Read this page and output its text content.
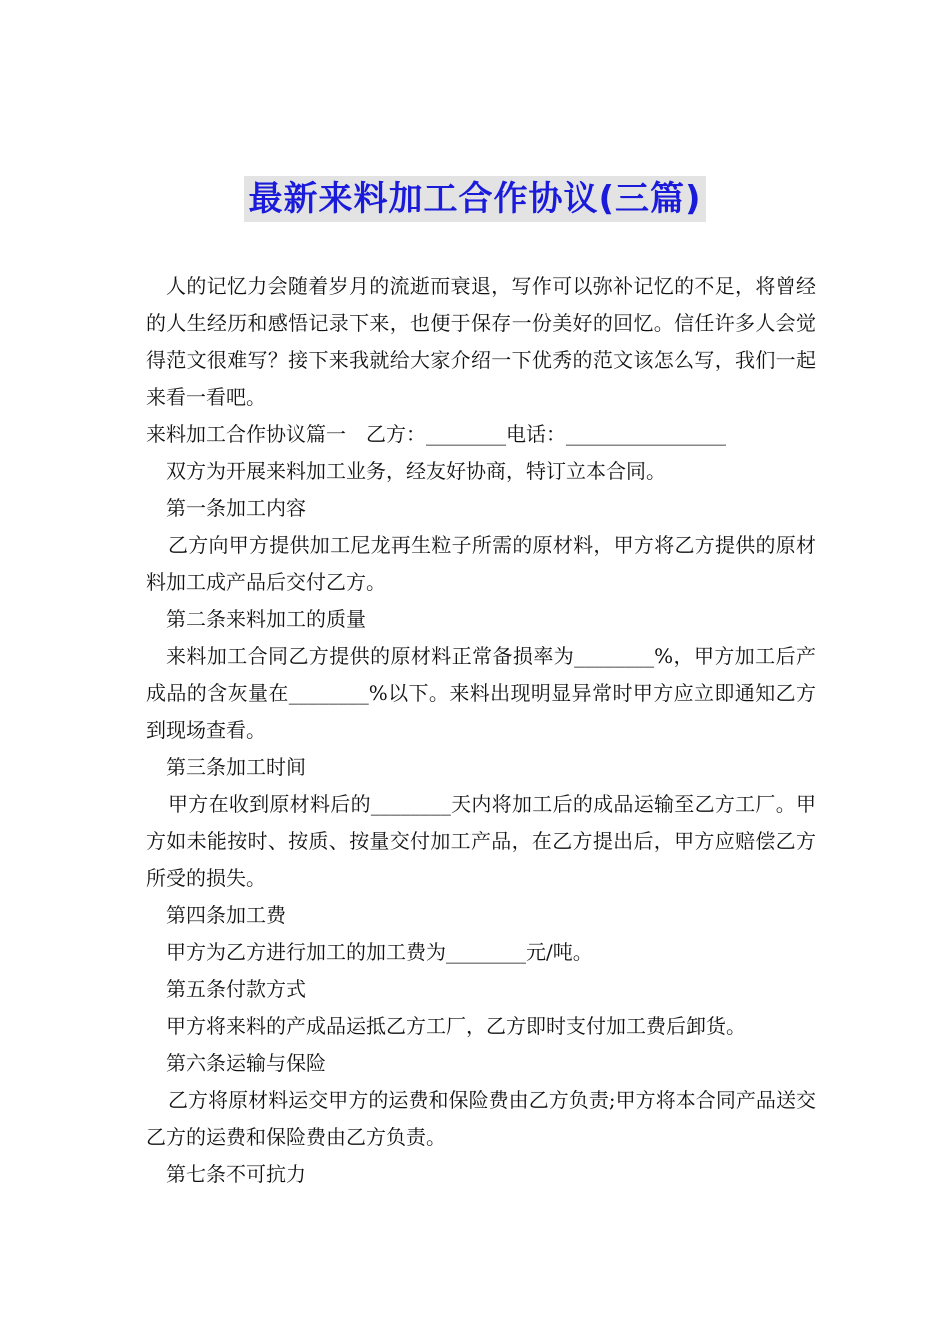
最新来料加工合作协议(三篇)

人的记忆力会随着岁月的流逝而衰退，写作可以弥补记忆的不足，将曾经的人生经历和感悟记录下来，也便于保存一份美好的回忆。信任许多人会觉得范文很难写？接下来我就给大家介绍一下优秀的范文该怎么写，我们一起来看一看吧。

来料加工合作协议篇一　乙方：________电话：________________

双方为开展来料加工业务，经友好协商，特订立本合同。

第一条加工内容

乙方向甲方提供加工尼龙再生粒子所需的原材料，甲方将乙方提供的原材料加工成产品后交付乙方。

第二条来料加工的质量

来料加工合同乙方提供的原材料正常备损率为________%，甲方加工后产成品的含灰量在________%以下。来料出现明显异常时甲方应立即通知乙方到现场查看。

第三条加工时间

甲方在收到原材料后的________天内将加工后的成品运输至乙方工厂。甲方如未能按时、按质、按量交付加工产品，在乙方提出后，甲方应赔偿乙方所受的损失。

第四条加工费

甲方为乙方进行加工的加工费为________元/吨。

第五条付款方式

甲方将来料的产成品运抵乙方工厂，乙方即时支付加工费后卸货。

第六条运输与保险

乙方将原材料运交甲方的运费和保险费由乙方负责;甲方将本合同产品送交乙方的运费和保险费由乙方负责。

第七条不可抗力
